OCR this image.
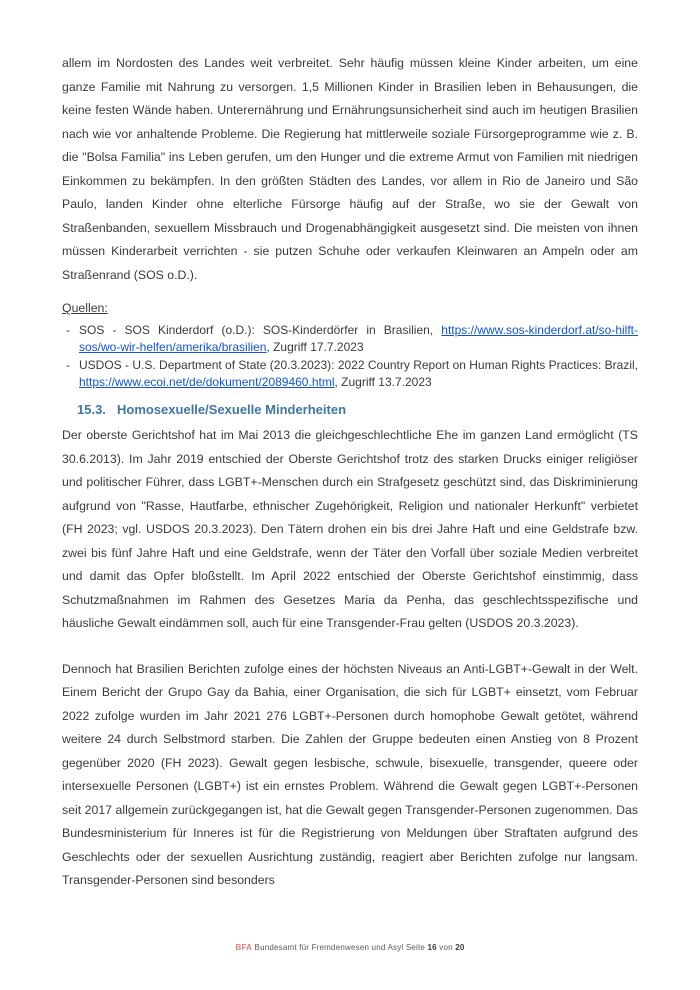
allem im Nordosten des Landes weit verbreitet. Sehr häufig müssen kleine Kinder arbeiten, um eine ganze Familie mit Nahrung zu versorgen. 1,5 Millionen Kinder in Brasilien leben in Behausungen, die keine festen Wände haben. Unterernährung und Ernährungsunsicherheit sind auch im heutigen Brasilien nach wie vor anhaltende Probleme. Die Regierung hat mittlerweile soziale Fürsorgeprogramme wie z. B. die "Bolsa Familia" ins Leben gerufen, um den Hunger und die extreme Armut von Familien mit niedrigen Einkommen zu bekämpfen. In den größten Städten des Landes, vor allem in Rio de Janeiro und São Paulo, landen Kinder ohne elterliche Fürsorge häufig auf der Straße, wo sie der Gewalt von Straßenbanden, sexuellem Missbrauch und Drogenabhängigkeit ausgesetzt sind. Die meisten von ihnen müssen Kinderarbeit verrichten - sie putzen Schuhe oder verkaufen Kleinwaren an Ampeln oder am Straßenrand (SOS o.D.).

Quellen:

- SOS - SOS Kinderdorf (o.D.): SOS-Kinderdörfer in Brasilien, https://www.sos-kinderdorf.at/so-hilft-sos/wo-wir-helfen/amerika/brasilien, Zugriff 17.7.2023
- USDOS - U.S. Department of State (20.3.2023): 2022 Country Report on Human Rights Practices: Brazil, https://www.ecoi.net/de/dokument/2089460.html, Zugriff 13.7.2023
15.3. Homosexuelle/Sexuelle Minderheiten

Der oberste Gerichtshof hat im Mai 2013 die gleichgeschlechtliche Ehe im ganzen Land ermöglicht (TS 30.6.2013). Im Jahr 2019 entschied der Oberste Gerichtshof trotz des starken Drucks einiger religiöser und politischer Führer, dass LGBT+-Menschen durch ein Strafgesetz geschützt sind, das Diskriminierung aufgrund von "Rasse, Hautfarbe, ethnischer Zugehörigkeit, Religion und nationaler Herkunft" verbietet (FH 2023; vgl. USDOS 20.3.2023). Den Tätern drohen ein bis drei Jahre Haft und eine Geldstrafe bzw. zwei bis fünf Jahre Haft und eine Geldstrafe, wenn der Täter den Vorfall über soziale Medien verbreitet und damit das Opfer bloßstellt. Im April 2022 entschied der Oberste Gerichtshof einstimmig, dass Schutzmaßnahmen im Rahmen des Gesetzes Maria da Penha, das geschlechtsspezifische und häusliche Gewalt eindämmen soll, auch für eine Transgender-Frau gelten (USDOS 20.3.2023).

Dennoch hat Brasilien Berichten zufolge eines der höchsten Niveaus an Anti-LGBT+-Gewalt in der Welt. Einem Bericht der Grupo Gay da Bahia, einer Organisation, die sich für LGBT+ einsetzt, vom Februar 2022 zufolge wurden im Jahr 2021 276 LGBT+-Personen durch homophobe Gewalt getötet, während weitere 24 durch Selbstmord starben. Die Zahlen der Gruppe bedeuten einen Anstieg von 8 Prozent gegenüber 2020 (FH 2023). Gewalt gegen lesbische, schwule, bisexuelle, transgender, queere oder intersexuelle Personen (LGBT+) ist ein ernstes Problem. Während die Gewalt gegen LGBT+-Personen seit 2017 allgemein zurückgegangen ist, hat die Gewalt gegen Transgender-Personen zugenommen. Das Bundesministerium für Inneres ist für die Registrierung von Meldungen über Straftaten aufgrund des Geschlechts oder der sexuellen Ausrichtung zuständig, reagiert aber Berichten zufolge nur langsam. Transgender-Personen sind besonders

BFA Bundesamt für Fremdenwesen und Asyl Seite 16 von 20
